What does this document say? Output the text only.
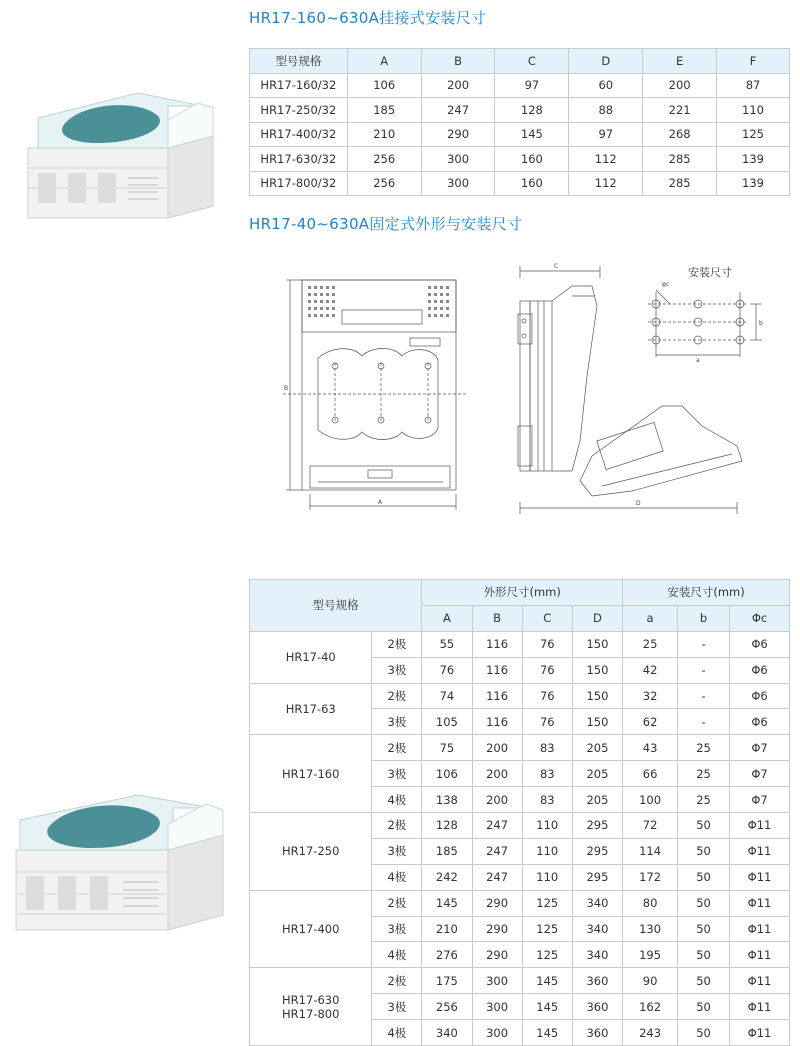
HR17-160~630A挂接式安装尺寸
HR17-40~630A固定式外形与安装尺寸
型号规格	A	B	C	D	E	F
HR17-160/32	106	200	97	60	200	87
HR17-250/32	185	247	128	88	221	110
HR17-400/32	210	290	145	97	268	125
HR17-630/32	256	300	160	112	285	139
HR17-800/32	256	300	160	112	285	139
B
A
C
D
安装尺寸
φc
a
b
型号规格		外形尺寸(mm)				安装尺寸(mm)		
		A	B	C	D	a	b	Φc
HR17-40	2极	55	116	76	150	25	-	Φ6
	3极	76	116	76	150	42	-	Φ6
HR17-63	2极	74	116	76	150	32	-	Φ6
	3极	105	116	76	150	62	-	Φ6
HR17-160	2极	75	200	83	205	43	25	Φ7
	3极	106	200	83	205	66	25	Φ7
	4极	138	200	83	205	100	25	Φ7
HR17-250	2极	128	247	110	295	72	50	Φ11
	3极	185	247	110	295	114	50	Φ11
	4极	242	247	110	295	172	50	Φ11
HR17-400	2极	145	290	125	340	80	50	Φ11
	3极	210	290	125	340	130	50	Φ11
	4极	276	290	125	340	195	50	Φ11

HR17-630
HR17-800	2极	175	300	145	360	90	50	Φ11
	3极	256	300	145	360	162	50	Φ11
	4极	340	300	145	360	243	50	Φ11
